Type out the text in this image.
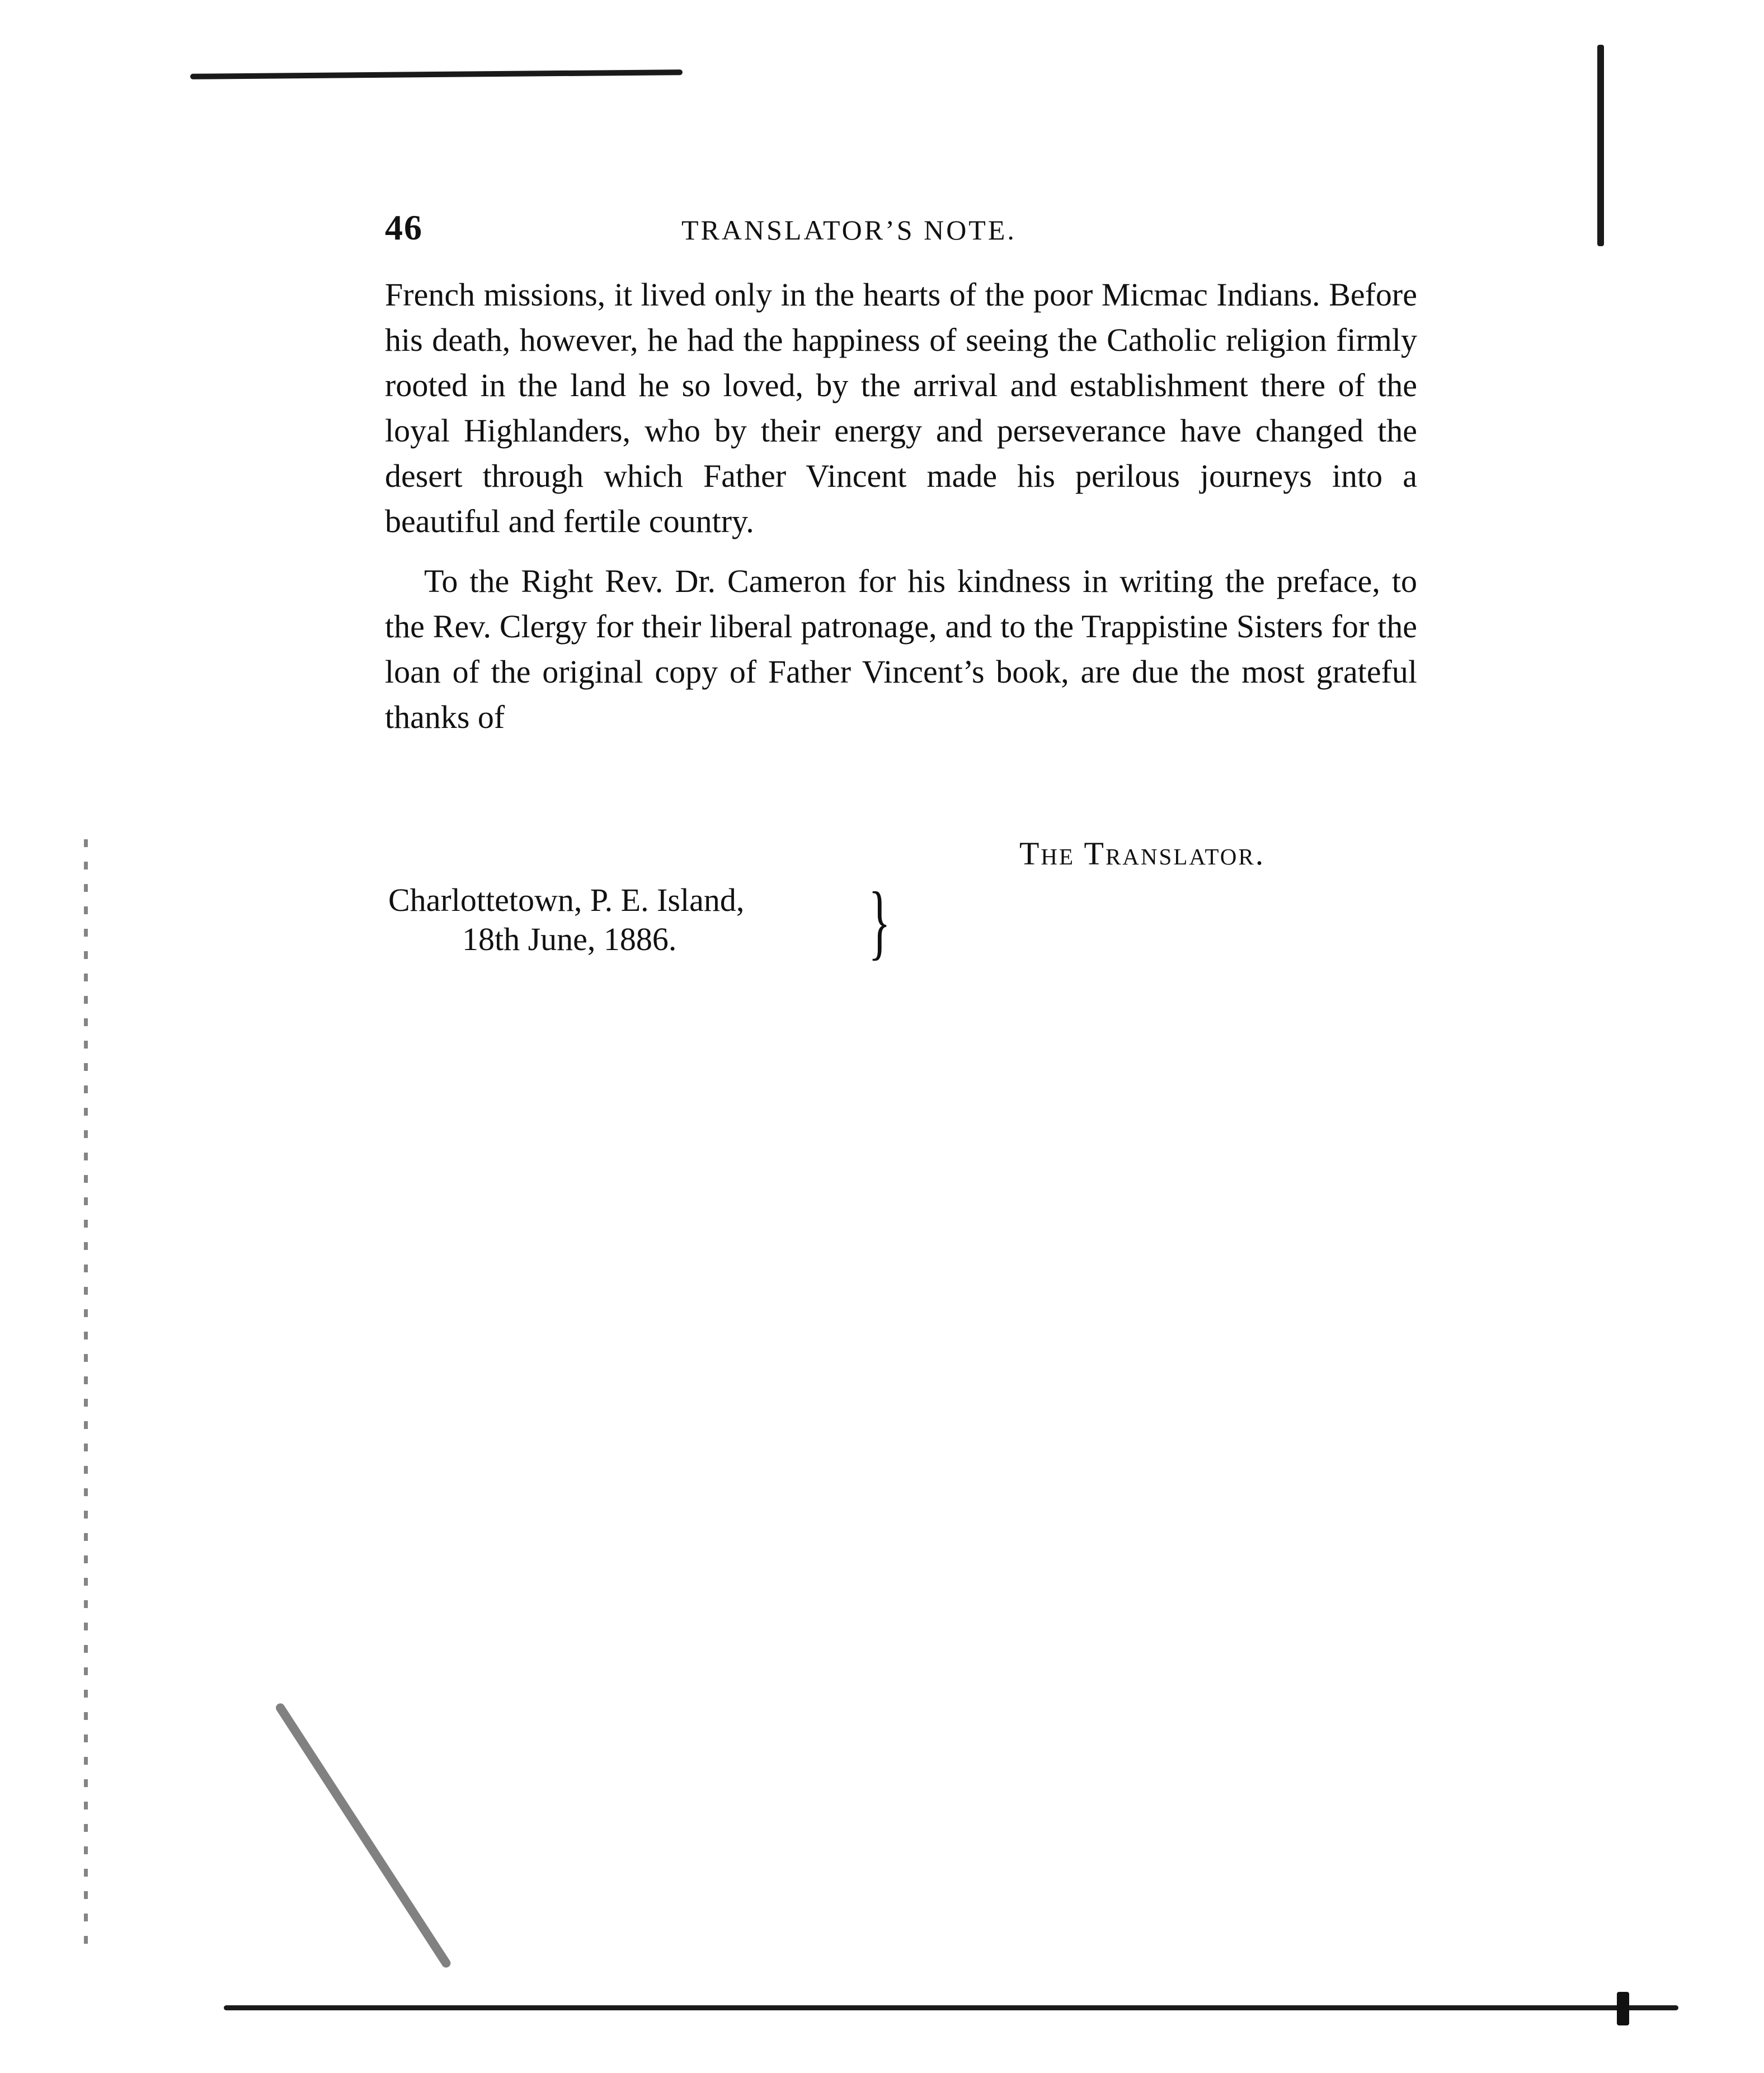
46	TRANSLATOR’S NOTE.

French missions, it lived only in the hearts of the poor Micmac Indians. Before his death, however, he had the happiness of seeing the Catholic religion firmly rooted in the land he so loved, by the arrival and establishment there of the loyal Highlanders, who by their energy and perseverance have changed the desert through which Father Vincent made his perilous journeys into a beautiful and fertile country.

To the Right Rev. Dr. Cameron for his kindness in writing the preface, to the Rev. Clergy for their liberal patronage, and to the Trappistine Sisters for the loan of the original copy of Father Vincent’s book, are due the most grateful thanks of

The Translator.
Charlottetown, P. E. Island,
18th June, 1886.	}
